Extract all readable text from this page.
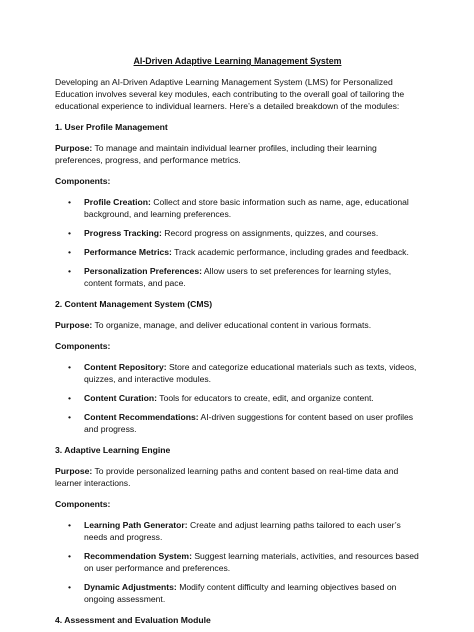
AI-Driven Adaptive Learning Management System

Developing an AI-Driven Adaptive Learning Management System (LMS) for Personalized Education involves several key modules, each contributing to the overall goal of tailoring the educational experience to individual learners. Here’s a detailed breakdown of the modules:

1. User Profile Management

Purpose: To manage and maintain individual learner profiles, including their learning preferences, progress, and performance metrics.

Components:
• Profile Creation: Collect and store basic information such as name, age, educational background, and learning preferences.
• Progress Tracking: Record progress on assignments, quizzes, and courses.
• Performance Metrics: Track academic performance, including grades and feedback.
• Personalization Preferences: Allow users to set preferences for learning styles, content formats, and pace.
2. Content Management System (CMS)

Purpose: To organize, manage, and deliver educational content in various formats.

Components:
• Content Repository: Store and categorize educational materials such as texts, videos, quizzes, and interactive modules.
• Content Curation: Tools for educators to create, edit, and organize content.
• Content Recommendations: AI-driven suggestions for content based on user profiles and progress.
3. Adaptive Learning Engine

Purpose: To provide personalized learning paths and content based on real-time data and learner interactions.

Components:
• Learning Path Generator: Create and adjust learning paths tailored to each user’s needs and progress.
• Recommendation System: Suggest learning materials, activities, and resources based on user performance and preferences.
• Dynamic Adjustments: Modify content difficulty and learning objectives based on ongoing assessment.
4. Assessment and Evaluation Module
